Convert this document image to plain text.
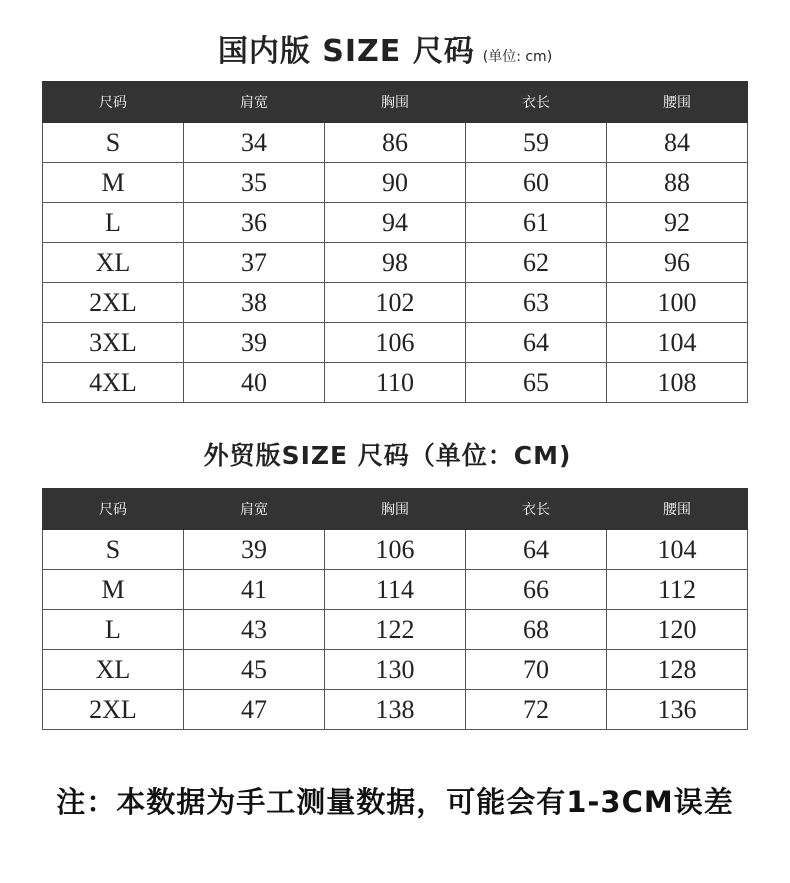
国内版 SIZE 尺码 (单位: cm)
尺码	肩宽	胸围	衣长	腰围
S	34	86	59	84
M	35	90	60	88
L	36	94	61	92
XL	37	98	62	96
2XL	38	102	63	100
3XL	39	106	64	104
4XL	40	110	65	108
外贸版SIZE 尺码（单位：CM)
尺码	肩宽	胸围	衣长	腰围
S	39	106	64	104
M	41	114	66	112
L	43	122	68	120
XL	45	130	70	128
2XL	47	138	72	136
注：本数据为手工测量数据，可能会有1-3CM误差
